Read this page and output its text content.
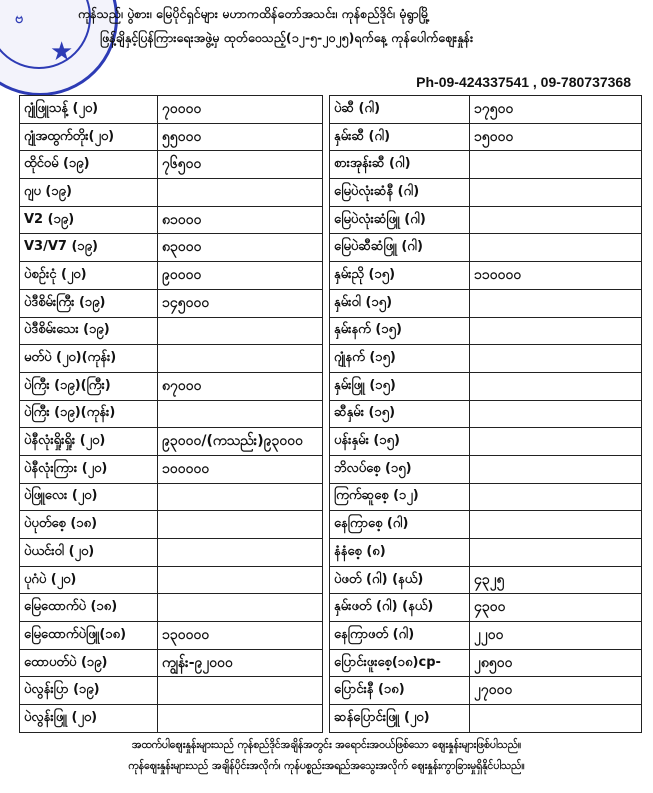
ဗ
★
ကုန်သည်၊ ပွဲစား၊ မြေပိုင်ရှင်များ မဟာကထိန်တော်အသင်း၊ ကုန်စည်ဒိုင်၊ မုံရွာမြို့
ဖြန့်ချိနှင့်ပြန်ကြားရေးအဖွဲ့မှ ထုတ်ဝေသည့်(၁၂-၅-၂၀၂၅)ရက်နေ့ ကုန်ပေါက်ဈေးနှုန်း
Ph-09-424337541 , 09-780737368
ဂျုံဖြူသန့် (၂ဝ)	၇၀၀၀၀
ဂျုံအထွက်တိုး(၂၀)	၅၅၀၀၀
ထိုင်ဝမ် (၁၉)	၇၆၅၀၀
ဂျပ (၁၉)	
V2 (၁၉)	၈၁၀၀၀
V3/V7 (၁၉)	၈၃၀၀၀
ပဲစဉ်းငုံ (၂ဝ)	၉၀၀၀၀
ပဲဒီစိမ်းကြီး (၁၉)	၁၄၅၀၀၀
ပဲဒီစိမ်းသေး (၁၉)	
မတ်ပဲ (၂၀)(ကုန်း)	
ပဲကြီး (၁၉)(ကြီး)	၈၇၀၀၀
ပဲကြီး (၁၉)(ကုန်း)	
ပဲနီလုံးရှိုးရှိုး (၂ဝ)	၉၃၀၀၀/(ကသည်း)၉၃၀၀၀
ပဲနီလုံးကြား (၂ဝ)	၁၀၀၀၀၀
ပဲဖြူလေး (၂ဝ)	
ပဲပုတ်စေ့ (၁၈)	
ပဲယင်းဝါ (၂ဝ)	
ပုဂံပဲ (၂ဝ)	
မြေထောက်ပဲ (၁၈)	
မြေထောက်ပဲဖြူ(၁၈)	၁၃၀၀၀၀
ထောပတ်ပဲ (၁၉)	ကျွန်း-၉၂၀၀၀
ပဲလွန်းပြာ (၁၉)	
ပဲလွန်းဖြူ (၂ဝ)	
ပဲဆီ (ဂါ)	၁၇၅၀၀
နှမ်းဆီ (ဂါ)	၁၅၀၀၀
စားအုန်းဆီ (ဂါ)	
မြေပဲလုံးဆံနီ (ဂါ)	
မြေပဲလုံးဆံဖြူ (ဂါ)	
မြေပဲဆီဆံဖြူ (ဂါ)	
နှမ်းညို (၁၅)	၁၁၀၀၀၀
နှမ်းဝါ (၁၅)	
နှမ်းနက် (၁၅)	
ဂျုံနက် (၁၅)	
နှမ်းဖြူ (၁၅)	
ဆီနှမ်း (၁၅)	
ပန်းနှမ်း (၁၅)	
ဘိလပ်စေ့ (၁၅)	
ကြက်ဆူစေ့ (၁၂)	
နေကြာစေ့ (ဂါ)	
နံနံစေ့ (၈)	
ပဲဖတ် (ဂါ) (နယ်)	၄၃၂၅
နှမ်းဖတ် (ဂါ) (နယ်)	၄၃၀၀
နေကြာဖတ် (ဂါ)	၂၂၀၀
ပြောင်းဖူးစေ့(၁၈)cp-	၂၈၅၀၀
ပြောင်းနီ (၁၈)	၂၇၀၀၀
ဆန်ပြောင်းဖြူ (၂ဝ)	
အထက်ပါဈေးနှုန်းများသည် ကုန်စည်ဒိုင်အချိန်အတွင်း အရောင်းအဝယ်ဖြစ်သော ဈေးနှုန်းများဖြစ်ပါသည်။
ကုန်ဈေးနှုန်းများသည် အချိန်ပိုင်းအလိုက်၊ ကုန်ပစ္စည်းအရည်အသွေးအလိုက် ဈေးနှုန်းကွာခြားမှုရှိနိုင်ပါသည်။
